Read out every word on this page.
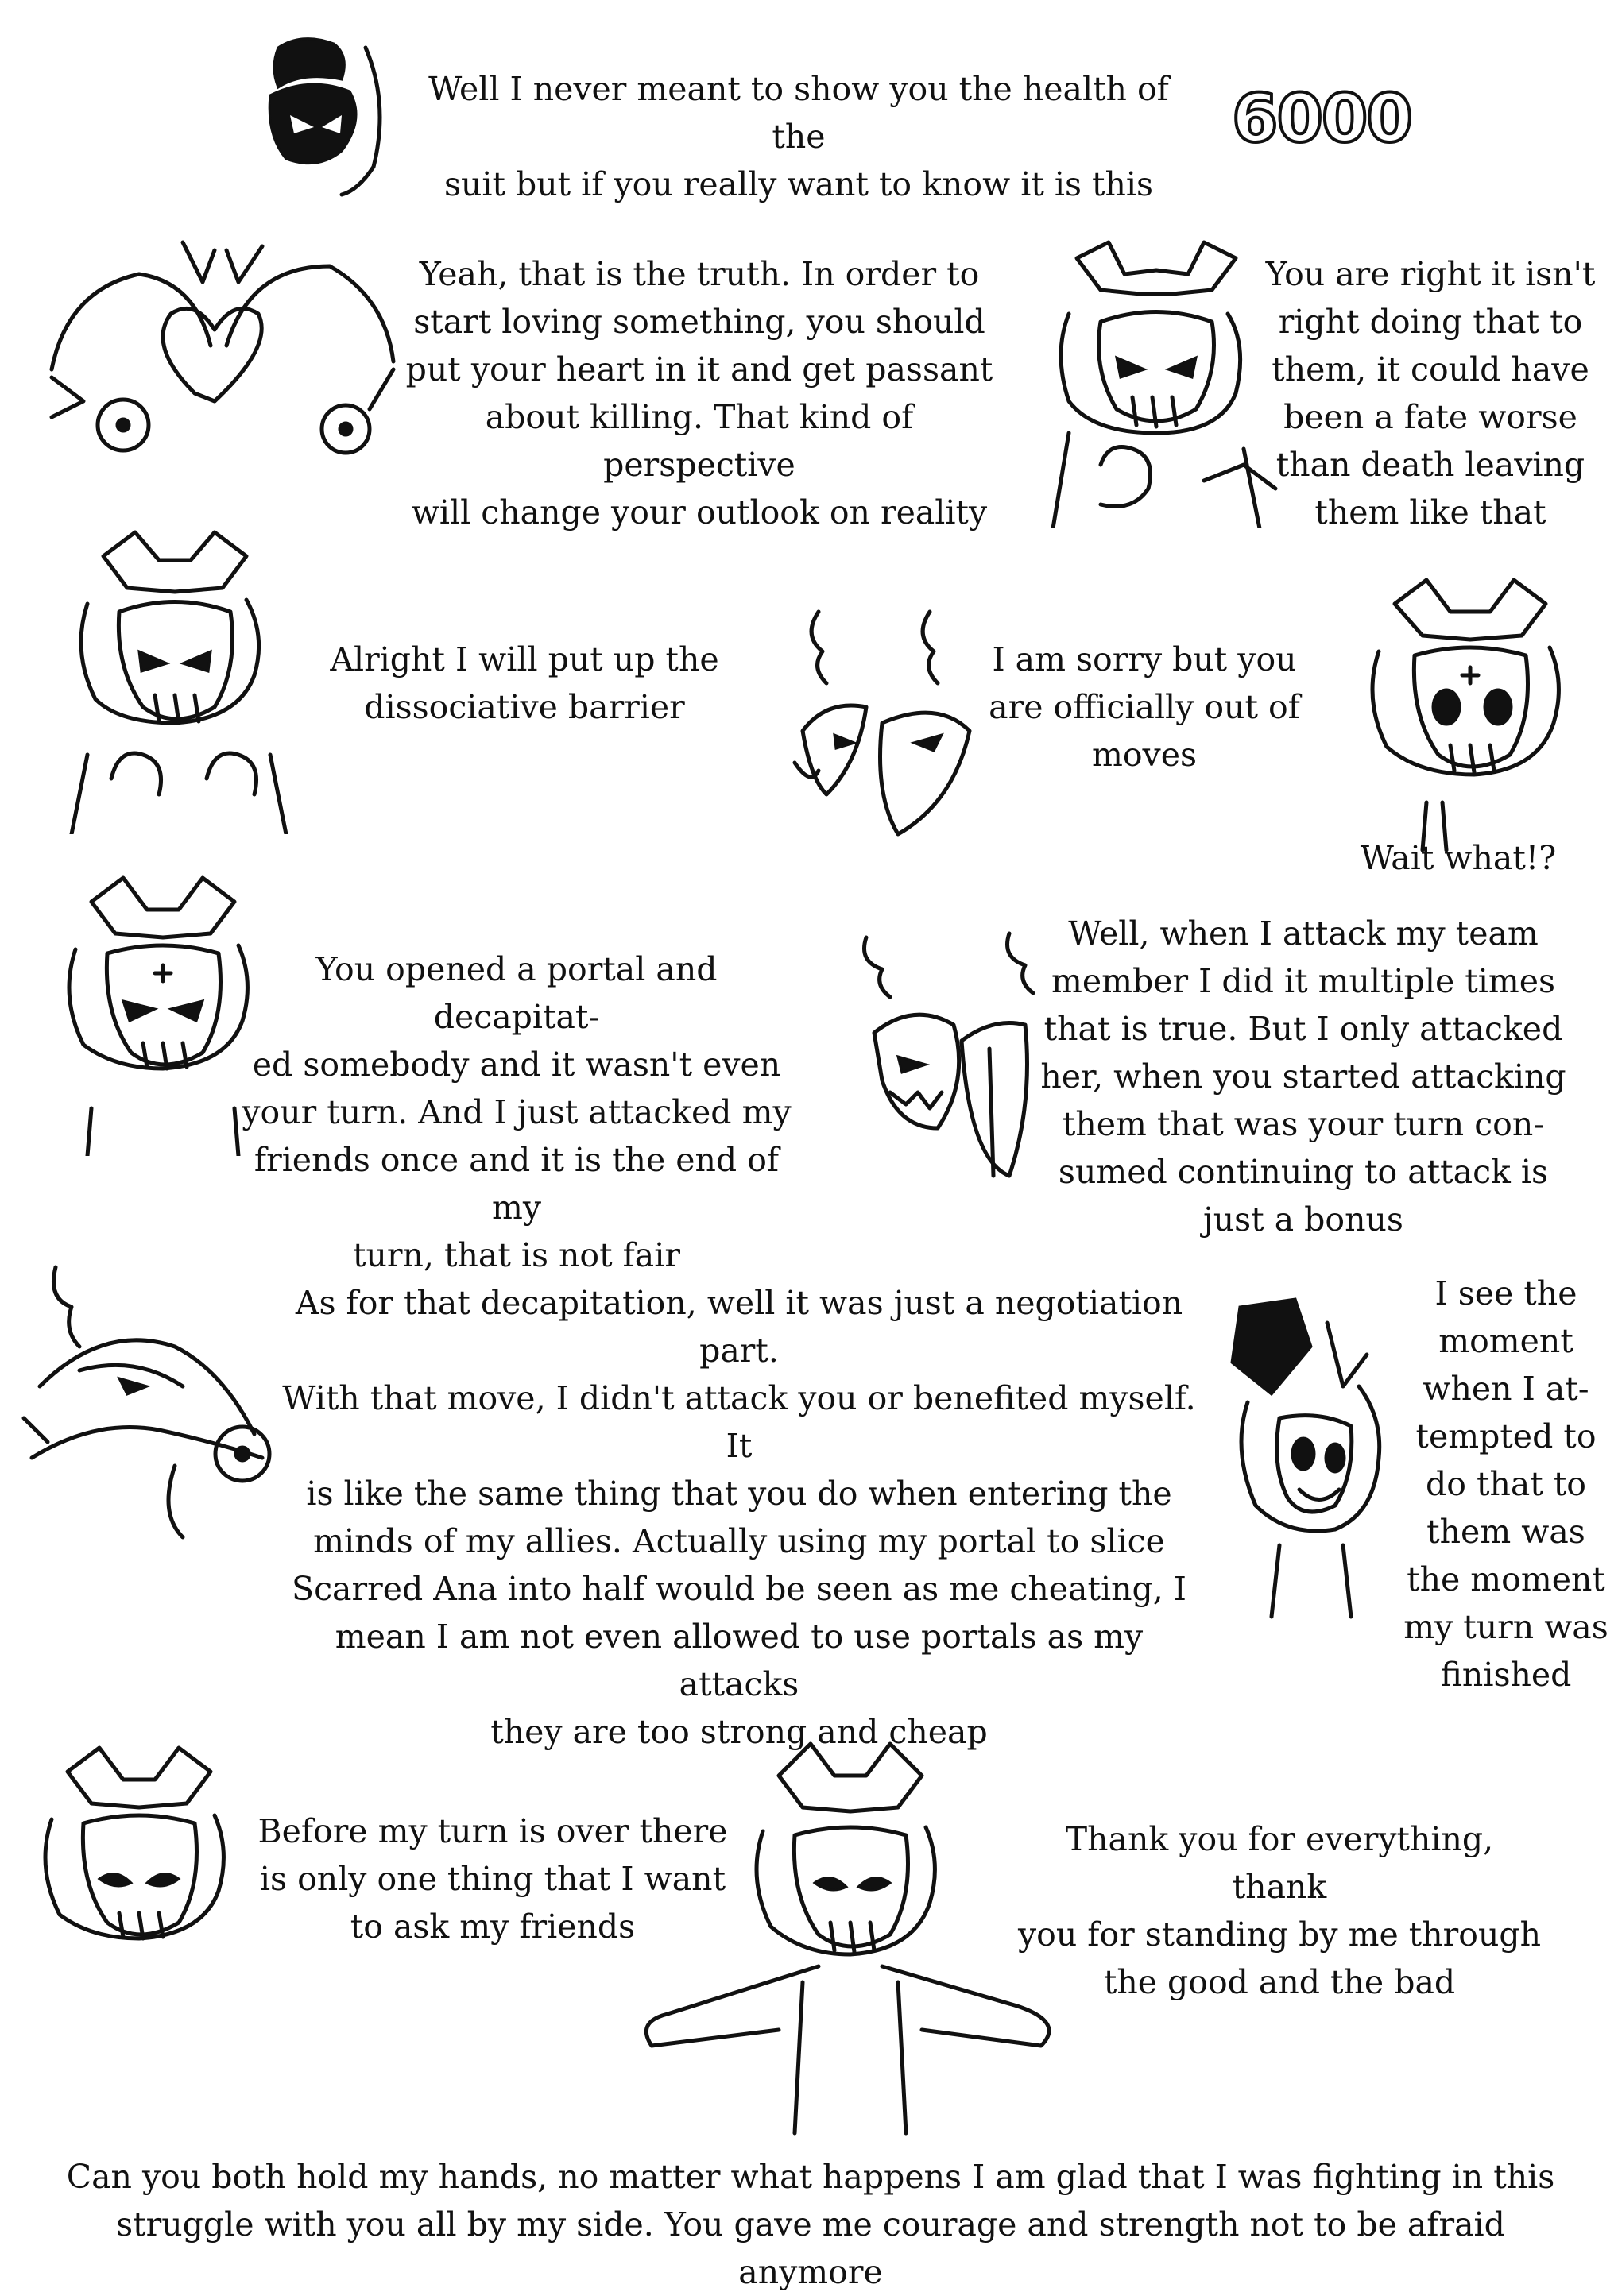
Well I never meant to show you the health of the
suit but if you really want to know it is this
6000
Yeah, that is the truth. In order to
start loving something, you should
put your heart in it and get passant
about killing. That kind of perspective
will change your outlook on reality
You are right it isn't
right doing that to
them, it could have
been a fate worse
than death leaving
them like that
Alright I will put up the
dissociative barrier
I am sorry but you
are officially out of
moves
Wait what!?
You opened a portal and decapitat-
ed somebody and it wasn't even
your turn. And I just attacked my
friends once and it is the end of my
turn, that is not fair
Well, when I attack my team
member I did it multiple times
that is true. But I only attacked
her, when you started attacking
them that was your turn con-
sumed continuing to attack is
just a bonus
As for that decapitation, well it was just a negotiation part.
With that move, I didn't attack you or benefited myself. It
is like the same thing that you do when entering the
minds of my allies. Actually using my portal to slice
Scarred Ana into half would be seen as me cheating, I
mean I am not even allowed to use portals as my attacks
they are too strong and cheap
I see the
moment
when I at-
tempted to
do that to
them was
the moment
my turn was
finished
Before my turn is over there
is only one thing that I want
to ask my friends
Thank you for everything, thank
you for standing by me through
the good and the bad
Can you both hold my hands, no matter what happens I am glad that I was fighting in this
struggle with you all by my side. You gave me courage and strength not to be afraid anymore
